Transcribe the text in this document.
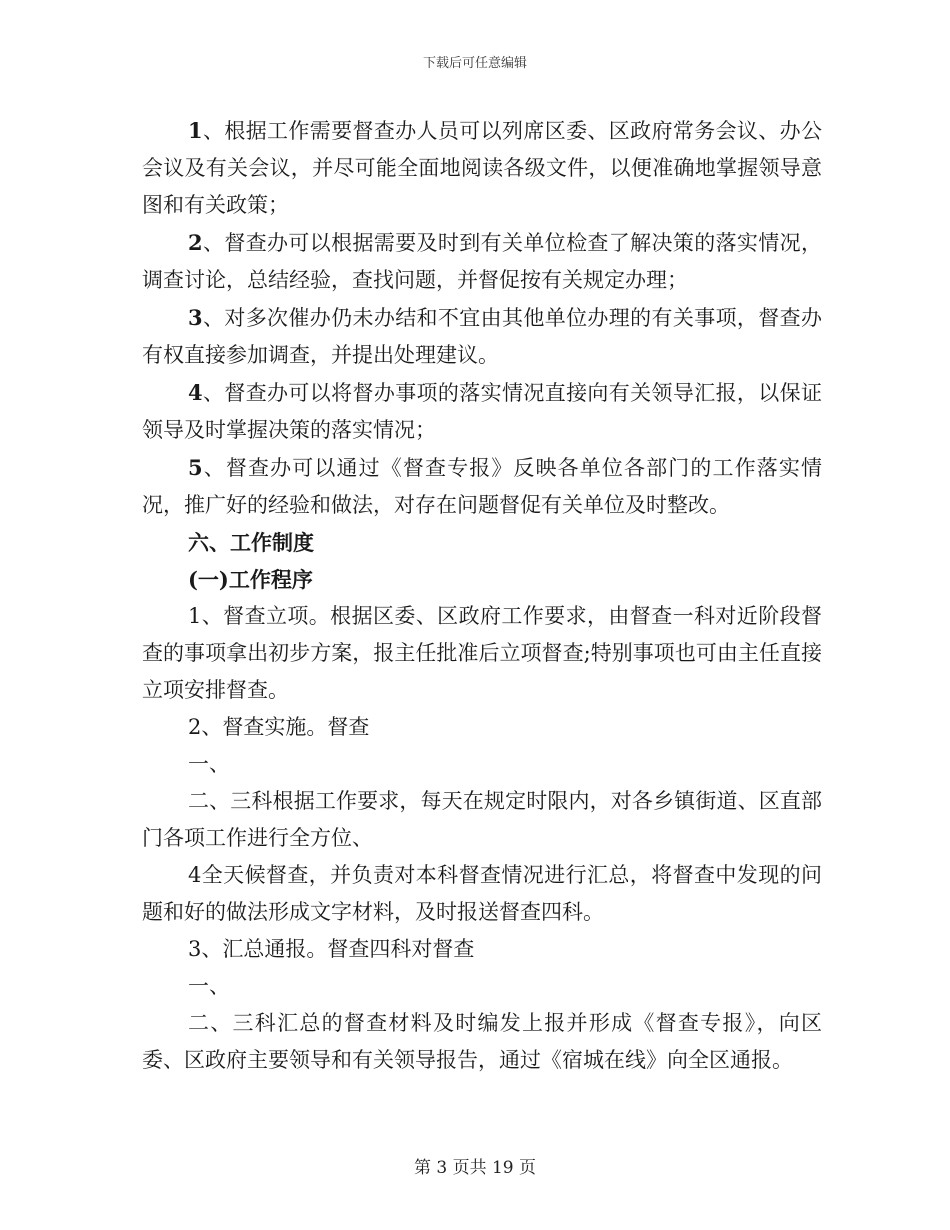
下载后可任意编辑

1、根据工作需要督查办人员可以列席区委、区政府常务会议、办公会议及有关会议，并尽可能全面地阅读各级文件，以便准确地掌握领导意图和有关政策；

2、督查办可以根据需要及时到有关单位检查了解决策的落实情况，调查讨论，总结经验，查找问题，并督促按有关规定办理；

3、对多次催办仍未办结和不宜由其他单位办理的有关事项，督查办有权直接参加调查，并提出处理建议。

4、督查办可以将督办事项的落实情况直接向有关领导汇报，以保证领导及时掌握决策的落实情况；

5、督查办可以通过《督查专报》反映各单位各部门的工作落实情况，推广好的经验和做法，对存在问题督促有关单位及时整改。

六、工作制度

(一)工作程序

1、督查立项。根据区委、区政府工作要求，由督查一科对近阶段督查的事项拿出初步方案，报主任批准后立项督查;特别事项也可由主任直接立项安排督查。

2、督查实施。督查

一、

二、三科根据工作要求，每天在规定时限内，对各乡镇街道、区直部门各项工作进行全方位、

4全天候督查，并负责对本科督查情况进行汇总，将督查中发现的问题和好的做法形成文字材料，及时报送督查四科。

3、汇总通报。督查四科对督查

一、

二、三科汇总的督查材料及时编发上报并形成《督查专报》，向区委、区政府主要领导和有关领导报告，通过《宿城在线》向全区通报。

第 3 页共 19 页
